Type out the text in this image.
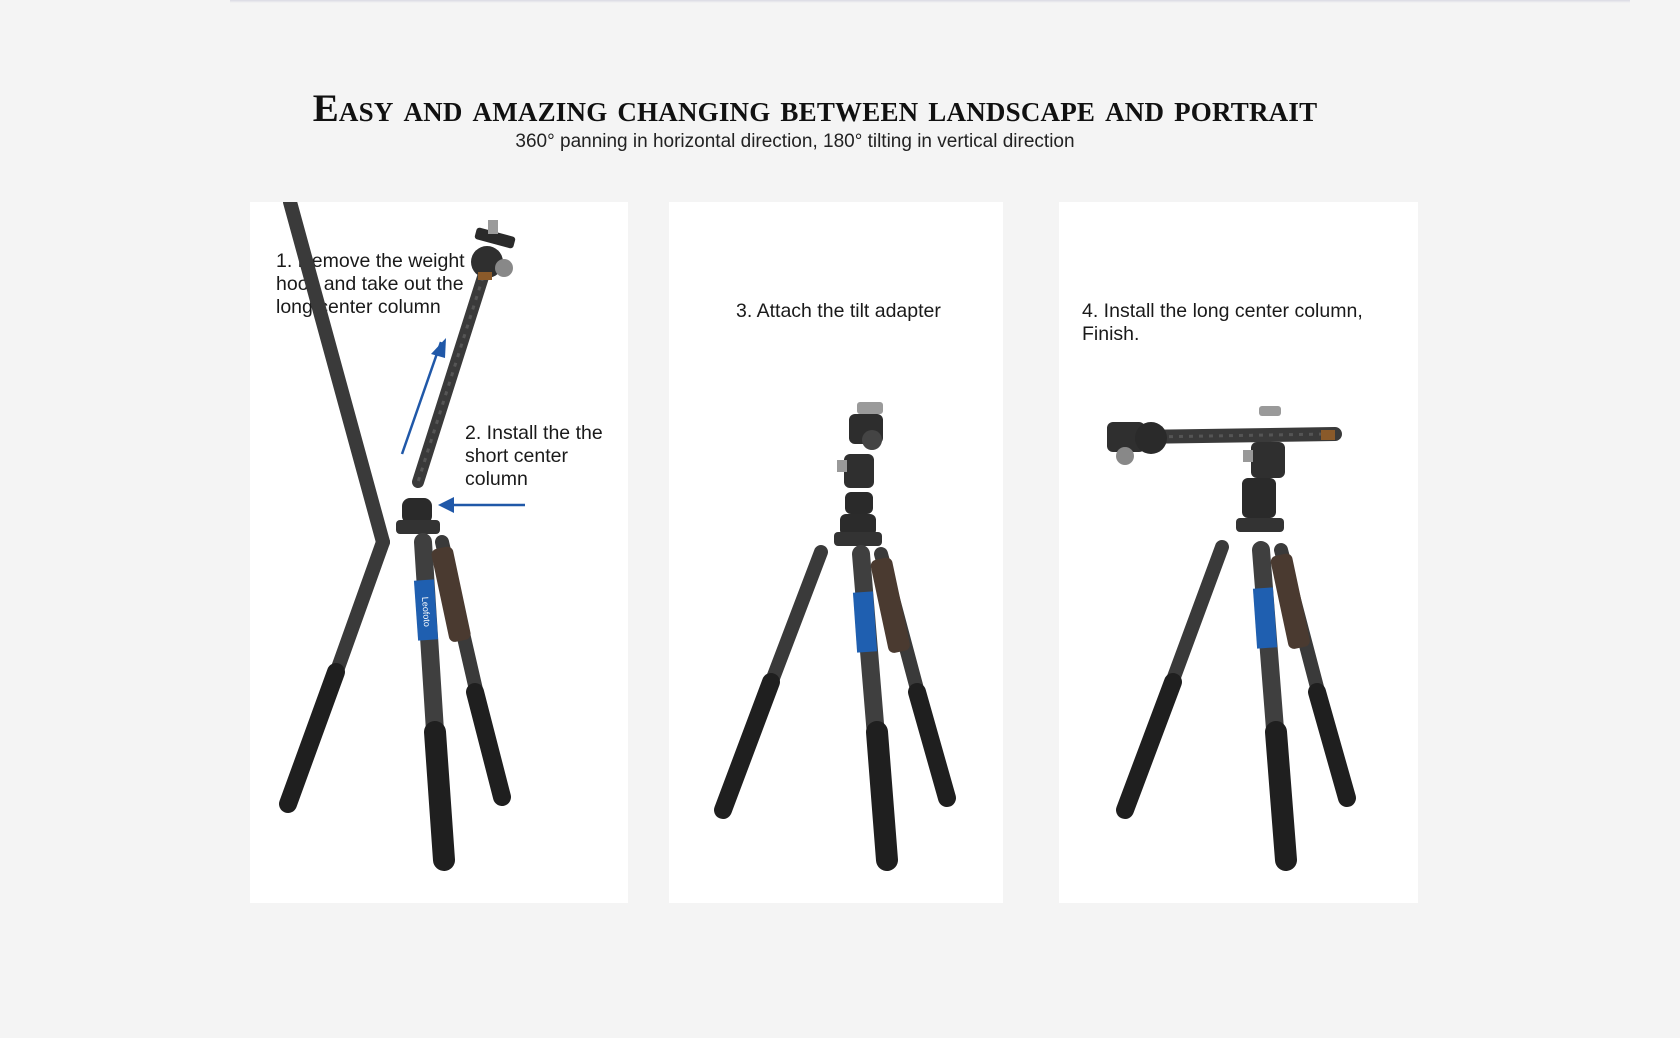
Easy and amazing changing between landscape and portrait
360° panning in horizontal direction, 180° tilting in vertical direction
1. Remove the weight
hook and take out the
long center column
2. Install the the
short center
column
Leofoto
3. Attach the tilt adapter	4. Install the long center column,
Finish.
